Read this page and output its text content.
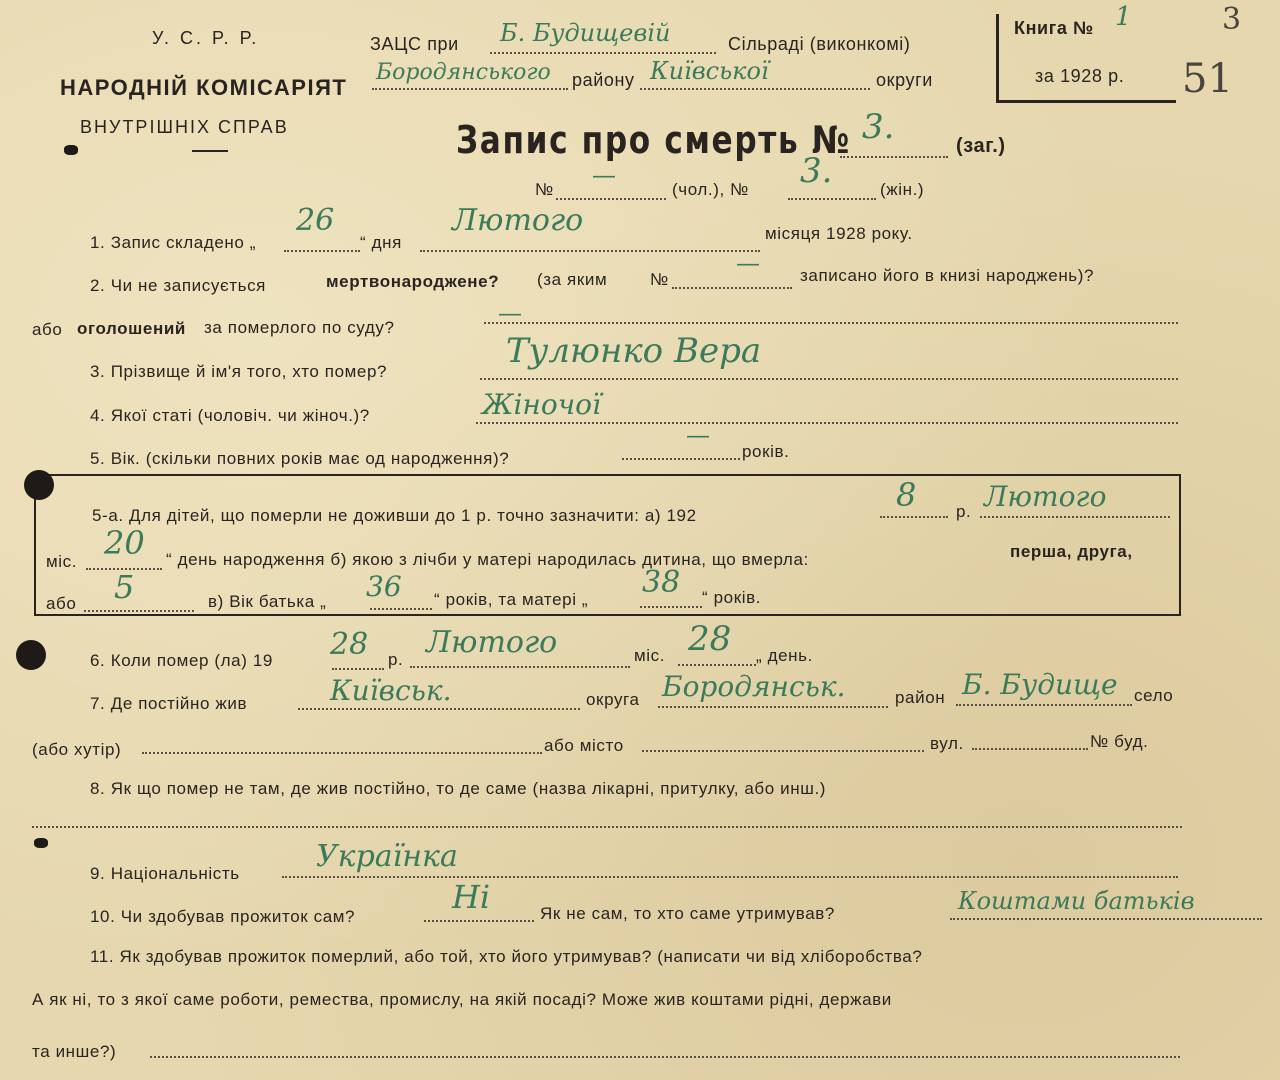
У. С. Р. Р.
НАРОДНІЙ КОМІСАРІЯТ
ВНУТРІШНІХ СПРАВ
ЗАЦС при Б. Будищевій	Сільраді (виконкомі)
Бородянського району Київської	округи
Книга № 1
за 1928 р.
3
51
Запис про смерть № 3.	(заг.)
№
—
(чол.), № 3.	(жін.)
1. Запис складено „
26
“ дня
Лютого	місяця 1928 року.
2. Чи не записується	мертвонароджене? (за яким	№
— записано його в книзі народжень)?
або оголошений за померлого по суду?
—
3. Прізвище й ім'я того, хто помер?
Тулюнко Вера
4. Якої статі (чоловіч. чи жіноч.)?	Жіночої
5. Вік. (скільки повних років має од народження)?
—
років.
5-а. Для дітей, що померли не доживши до 1 р. точно зазначити: а) 192
8 р. Лютого
міс. 20 “ день народження б) якою з лічби у матері народилась дитина, що вмерла:	перша, друга,
або 5	в) Вік батька „ 36 “ років, та матері „ 38 “ років.
6. Коли помер (ла) 19 28 р. Лютого	міс. 28 „ день.
7. Де постійно жив	Київськ.	округа Бородянськ.	район Б. Будище село
(або хутір)	або місто	вул.	№ буд.
8. Як що помер не там, де жив постійно, то де саме (назва лікарні, притулку, або инш.)
9. Національність	Українка
10. Чи здобував прожиток сам?
Ні	Як не сам, то хто саме утримував?	Коштами батьків
11. Як здобував прожиток померлий, або той, хто його утримував? (написати чи від хліборобства?
А як ні, то з якої саме роботи, ремества, промислу, на якій посаді? Може жив коштами рідні, держави
та инше?)
